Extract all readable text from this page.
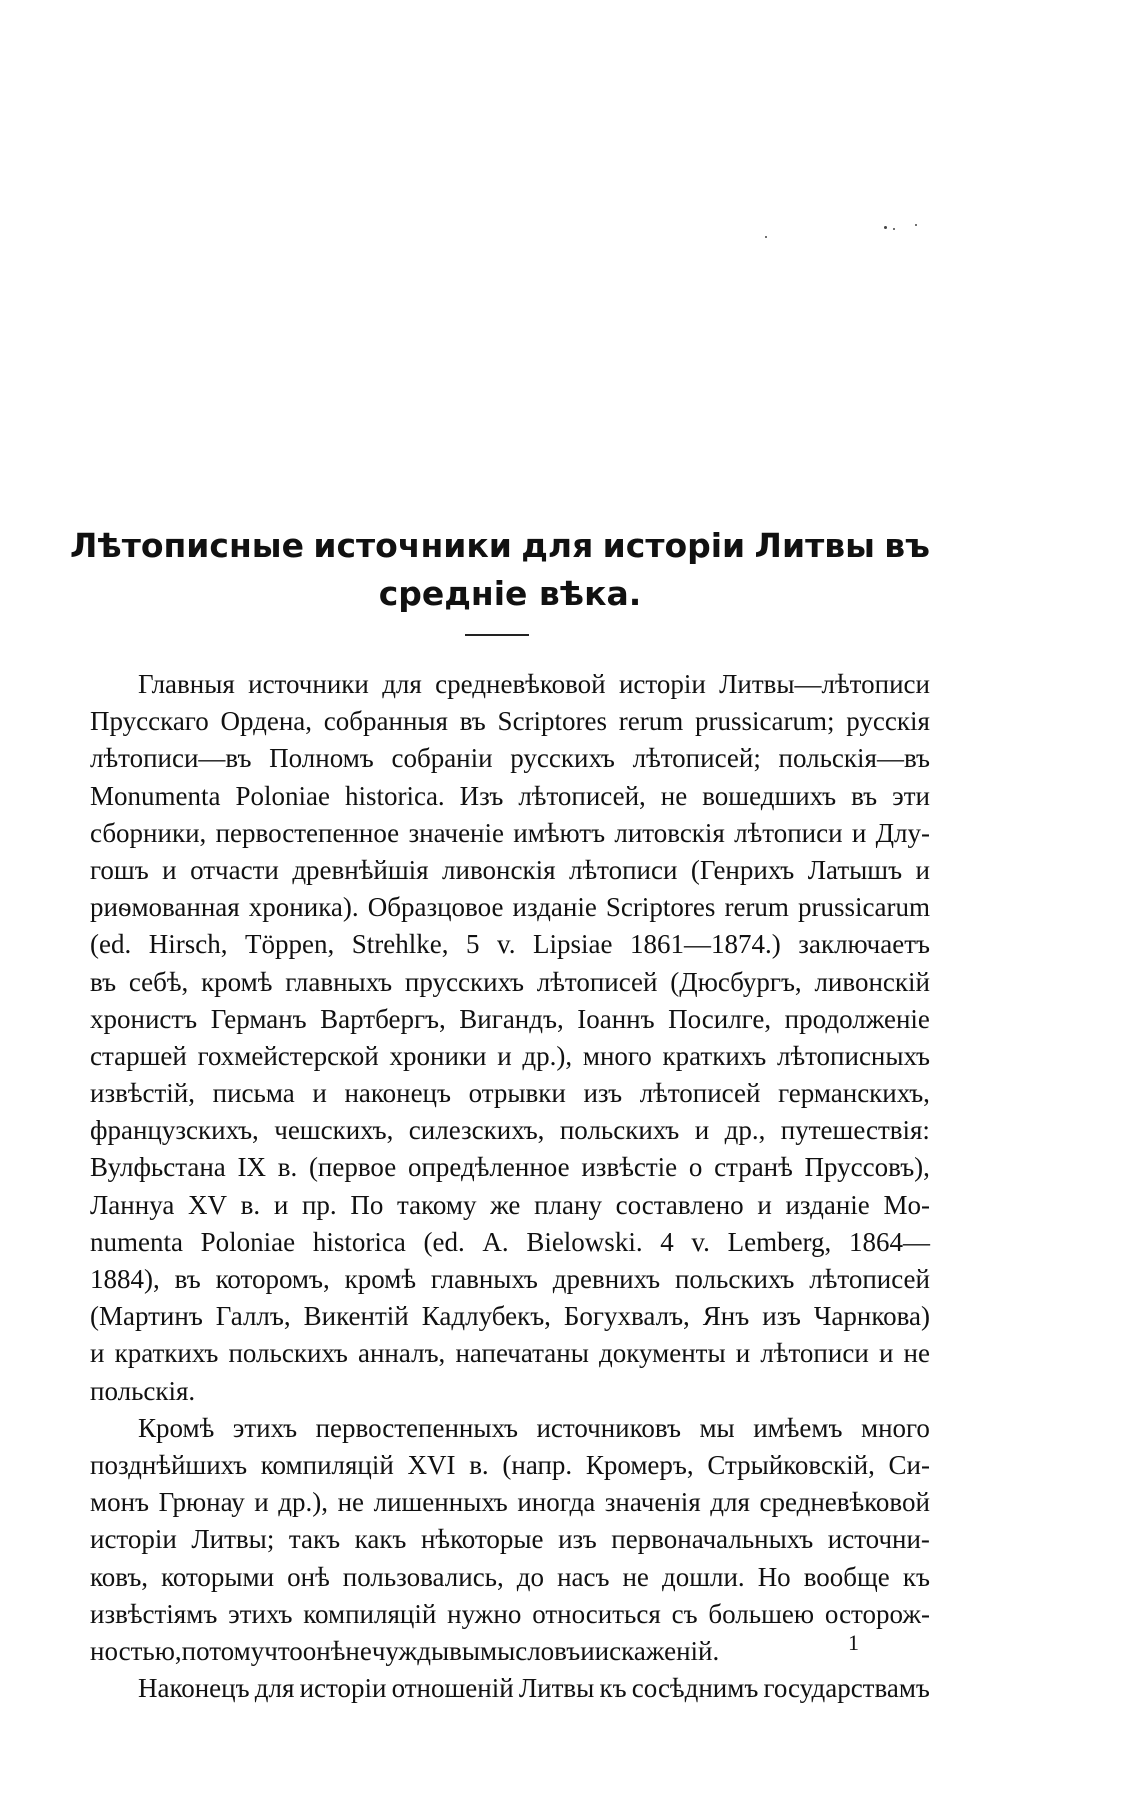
Лѣтописные источники для исторіи Литвы въ
средніе вѣка.
Главныя источники для средневѣковой исторіи Литвы—лѣтописи
Прусскаго Ордена, собранныя въ Scriptores rerum prussicarum; русскія
лѣтописи—въ Полномъ собраніи русскихъ лѣтописей; польскія—въ
Monumenta Poloniae historica. Изъ лѣтописей, не вошедшихъ въ эти
сборники, первостепенное значеніе имѣютъ литовскія лѣтописи и Длу-
гошъ и отчасти древнѣйшія ливонскія лѣтописи (Генрихъ Латышъ и
риѳмованная хроника). Образцовое изданіе Scriptores rerum prussicarum
(ed. Hirsch, Töppen, Strehlke, 5 v. Lipsiae 1861—1874.) заключаетъ
въ себѣ, кромѣ главныхъ прусскихъ лѣтописей (Дюсбургъ, ливонскій
хронистъ Германъ Вартбергъ, Вигандъ, Іоаннъ Посилге, продолженіе
старшей гохмейстерской хроники и др.), много краткихъ лѣтописныхъ
извѣстій, письма и наконецъ отрывки изъ лѣтописей германскихъ,
французскихъ, чешскихъ, силезскихъ, польскихъ и др., путешествія:
Вулфьстана IX в. (первое опредѣленное извѣстіе о странѣ Пруссовъ),
Ланнуа XV в. и пр. По такому же плану составлено и изданіе Mo-
numenta Poloniae historica (ed. A. Bielowski. 4 v. Lemberg, 1864—
1884), въ которомъ, кромѣ главныхъ древнихъ польскихъ лѣтописей
(Мартинъ Галлъ, Викентій Кадлубекъ, Богухвалъ, Янъ изъ Чарнкова)
и краткихъ польскихъ анналъ, напечатаны документы и лѣтописи и не
польскія.
Кромѣ этихъ первостепенныхъ источниковъ мы имѣемъ много
позднѣйшихъ компиляцій XVI в. (напр. Кромеръ, Стрыйковскій, Си-
монъ Грюнау и др.), не лишенныхъ иногда значенія для средневѣковой
исторіи Литвы; такъ какъ нѣкоторые изъ первоначальныхъ источни-
ковъ, которыми онѣ пользовались, до насъ не дошли. Но вообще къ
извѣстіямъ этихъ компиляцій нужно относиться съ большею осторож-
ностью, потому что онѣ не чужды вымысловъ и искаженій.
Наконецъ для исторіи отношеній Литвы къ сосѣднимъ государствамъ
1
